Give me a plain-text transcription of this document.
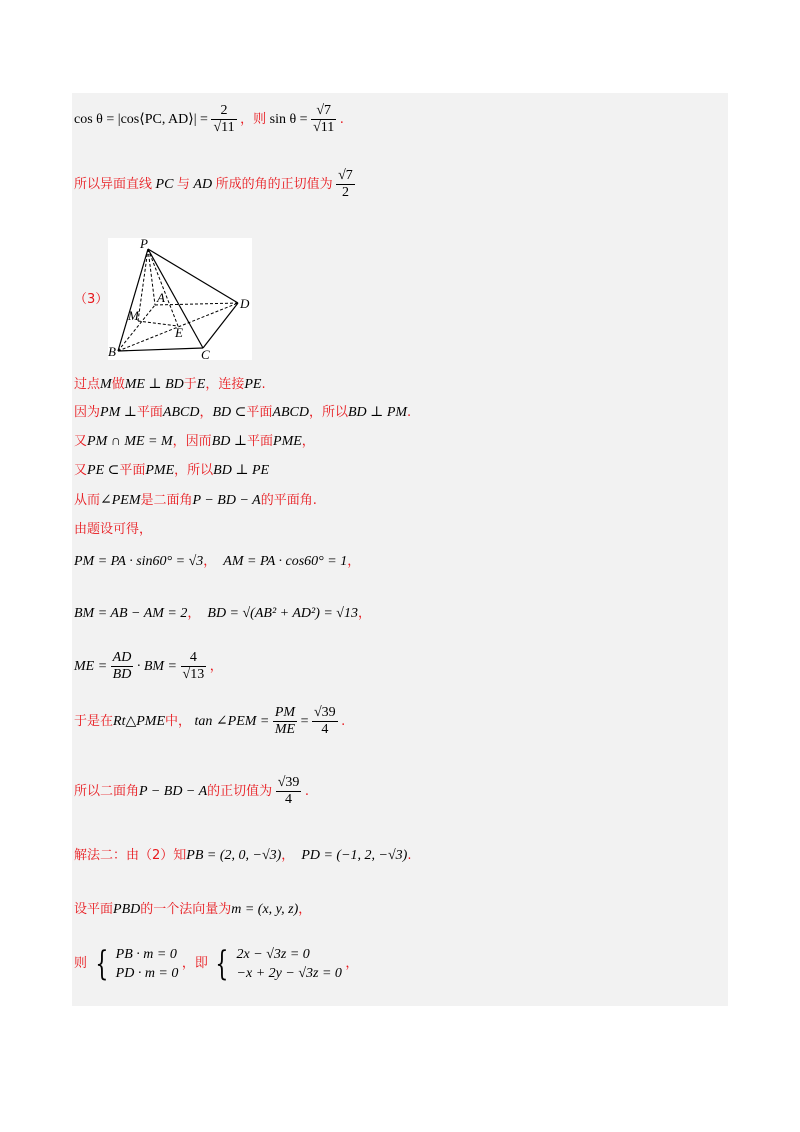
cos θ = |cos⟨PC, AD⟩| = $\frac{2}{√11}$ ，则 $\sin \theta = \frac{√7}{√11}$ .
所以异面直线 PC 与 AD 所成的角的正切值为 $\frac{√7}{2}$
（3）
P
A	D
M
E
B	C
过点M做ME ⊥ BD于E，连接PE.
因为PM ⊥平面ABCD，BD ⊂平面ABCD，所以BD ⊥ PM.
又PM ∩ ME = M，因而BD ⊥平面PME，
又PE ⊂平面PME，所以BD ⊥ PE
从而∠PEM是二面角P − BD − A的平面角.
由题设可得，
PM = PA · sin60° = √3， AM = PA · cos60° = 1，
BM = AB − AM = 2， BD = √(AB² + AD²) = √13，
ME = $\frac{AD}{BD}$ · BM = $\frac{4}{√13}$ ，
于是在Rt△PME中， tan ∠PEM = $\frac{PM}{ME} = \frac{√39}{4}$ .
所以二面角P − BD − A的正切值为 $\frac{√39}{4}$ .
解法二：由（2）知PB = (2, 0, −√3)， PD = (−1, 2, −√3).
设平面PBD的一个法向量为m = (x, y, z)，
则 { PB · m = 0
PD · m = 0
，即 { 2x − √3z = 0
−x + 2y − √3z = 0
，
